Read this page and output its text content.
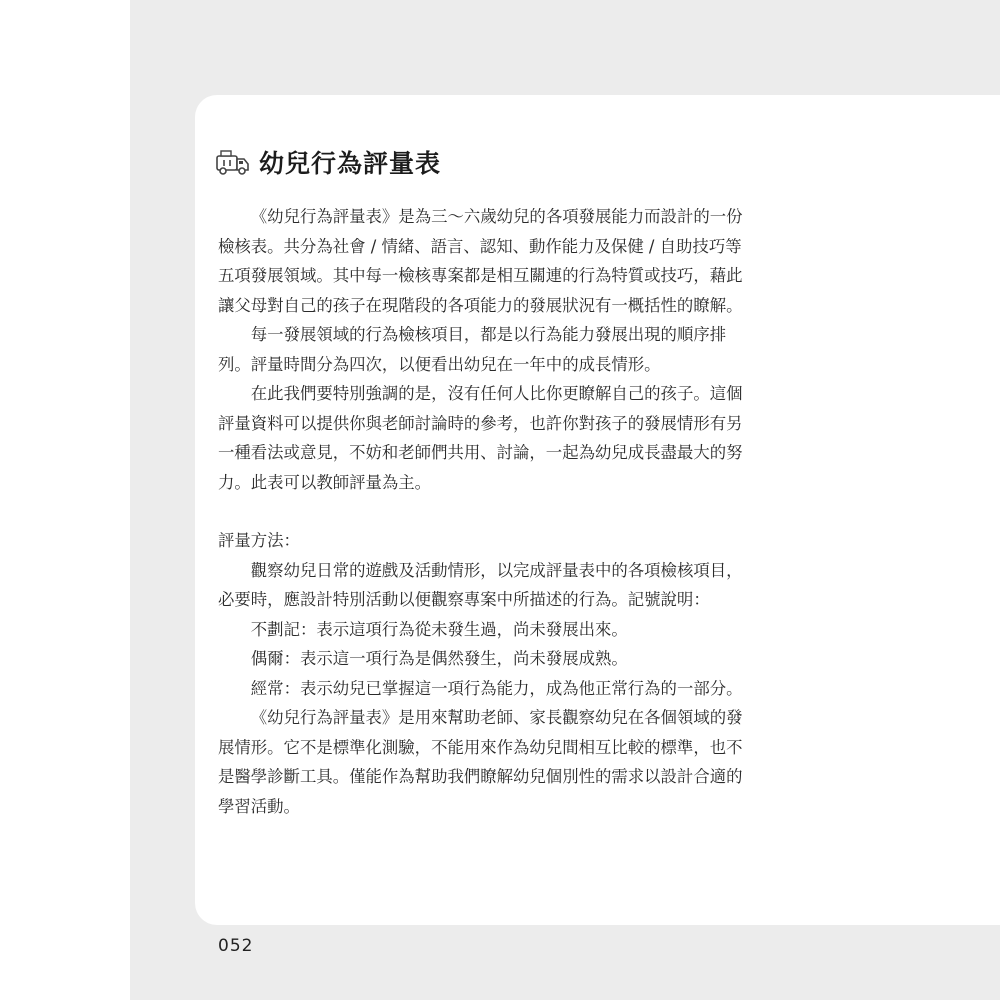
幼兒行為評量表

《幼兒行為評量表》是為三～六歲幼兒的各項發展能力而設計的一份檢核表。共分為社會 / 情緒、語言、認知、動作能力及保健 / 自助技巧等五項發展領域。其中每一檢核專案都是相互關連的行為特質或技巧，藉此讓父母對自己的孩子在現階段的各項能力的發展狀況有一概括性的瞭解。

每一發展領域的行為檢核項目，都是以行為能力發展出現的順序排列。評量時間分為四次，以便看出幼兒在一年中的成長情形。

在此我們要特別強調的是，沒有任何人比你更瞭解自己的孩子。這個評量資料可以提供你與老師討論時的參考，也許你對孩子的發展情形有另一種看法或意見，不妨和老師們共用、討論，一起為幼兒成長盡最大的努力。此表可以教師評量為主。

評量方法：

觀察幼兒日常的遊戲及活動情形，以完成評量表中的各項檢核項目，必要時，應設計特別活動以便觀察專案中所描述的行為。記號說明：

不劃記：表示這項行為從未發生過，尚未發展出來。

偶爾：表示這一項行為是偶然發生，尚未發展成熟。

經常：表示幼兒已掌握這一項行為能力，成為他正常行為的一部分。

《幼兒行為評量表》是用來幫助老師、家長觀察幼兒在各個領域的發展情形。它不是標準化測驗，不能用來作為幼兒間相互比較的標準，也不是醫學診斷工具。僅能作為幫助我們瞭解幼兒個別性的需求以設計合適的學習活動。

052
